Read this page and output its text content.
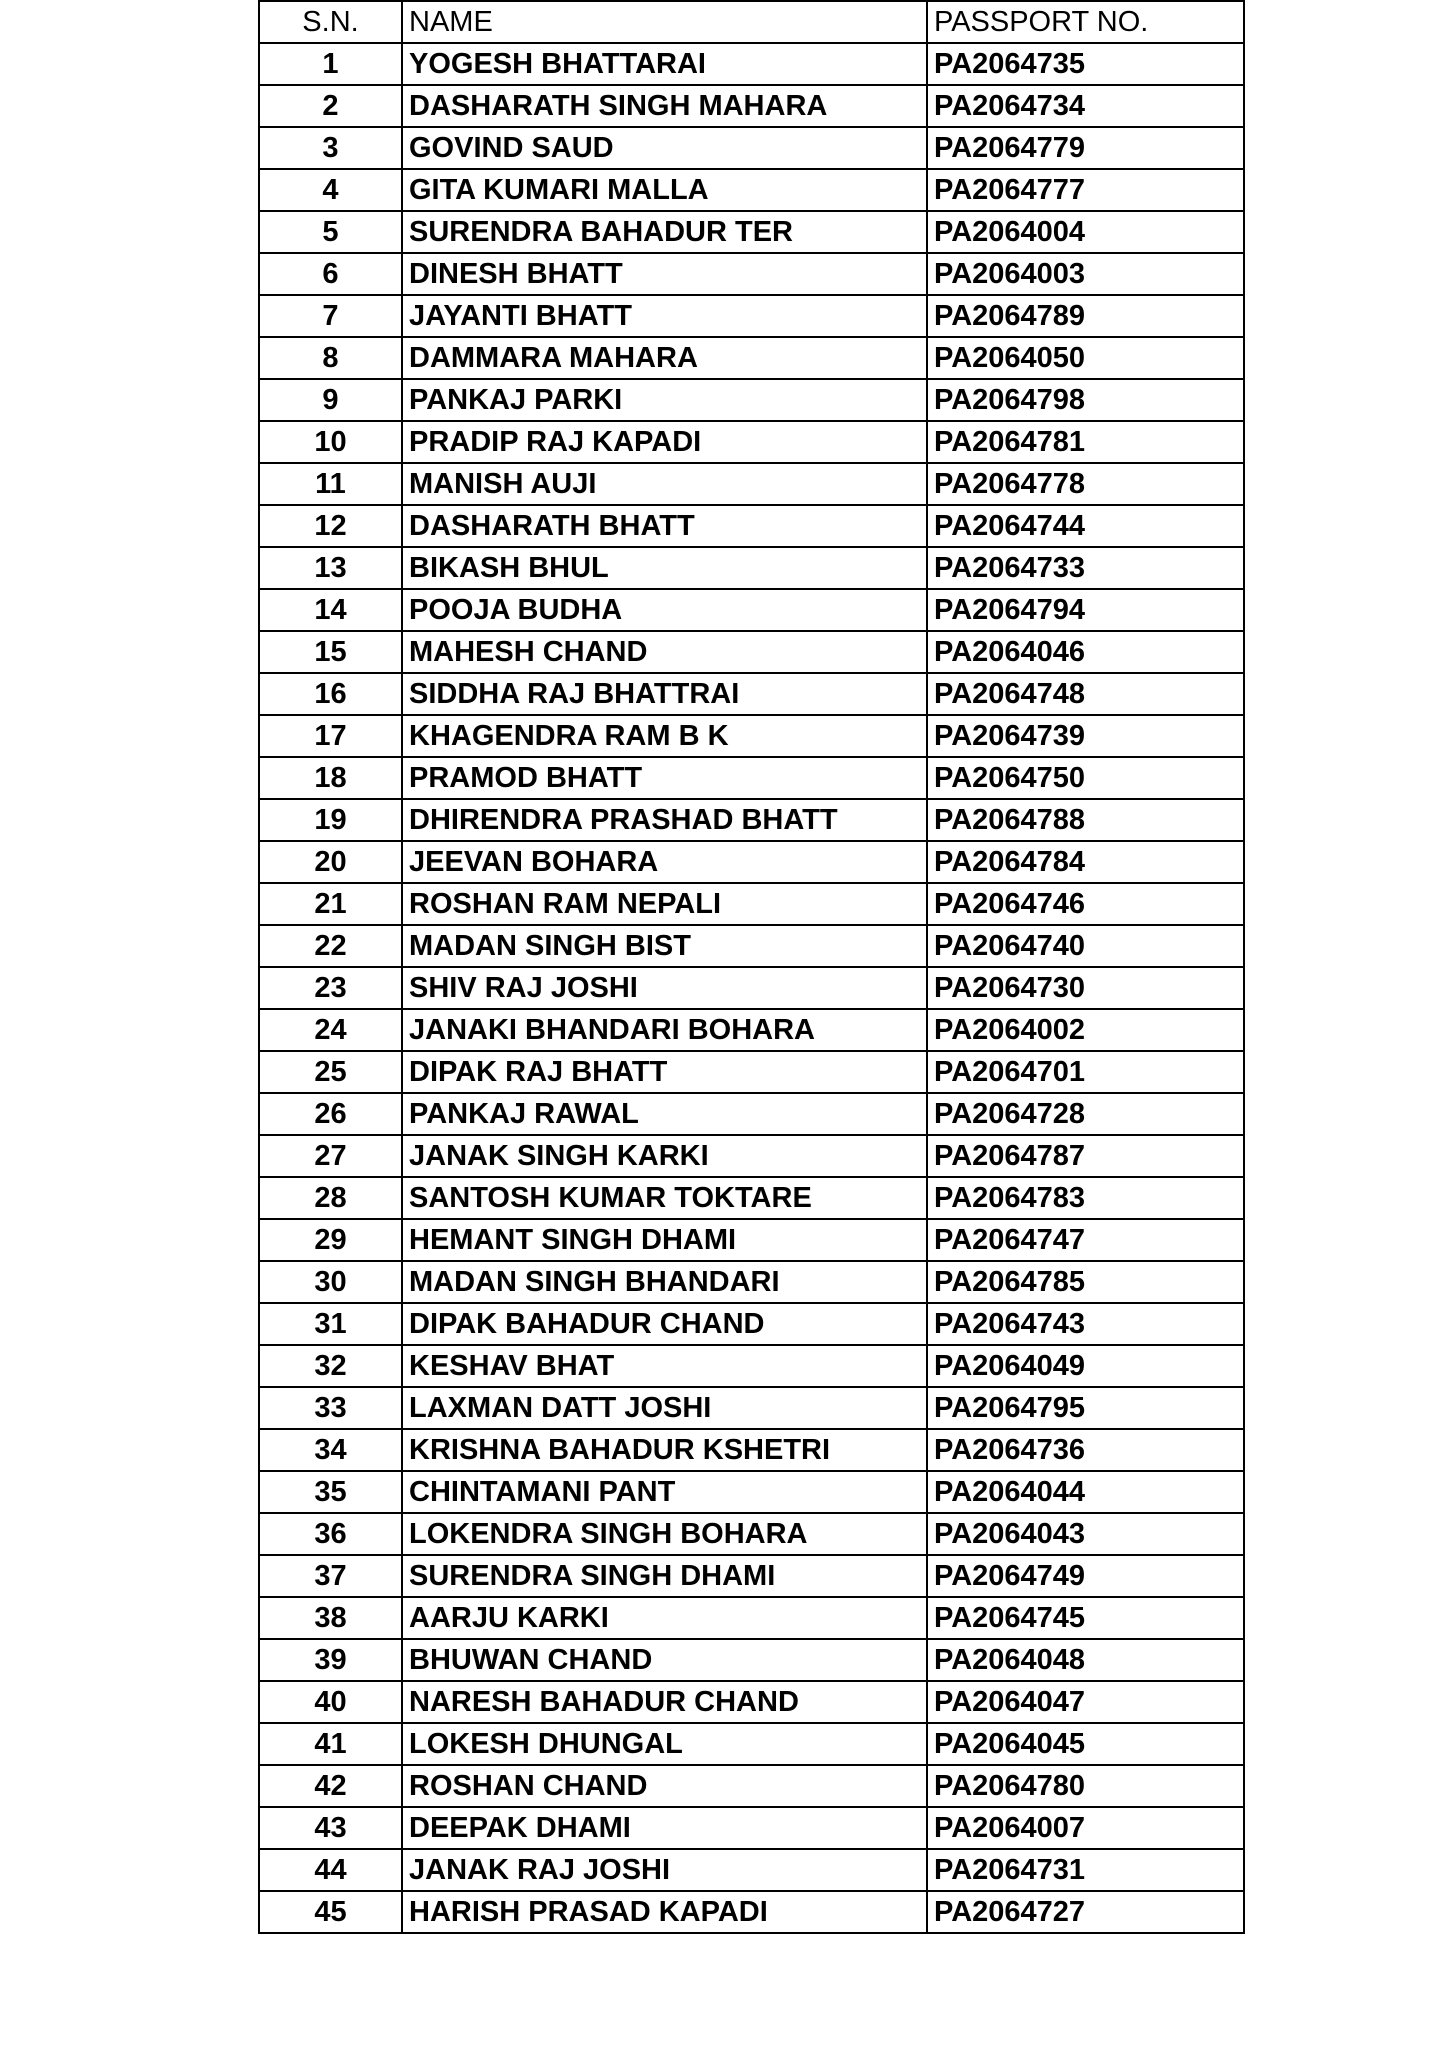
S.N.	NAME	PASSPORT NO.
1	YOGESH BHATTARAI	PA2064735
2	DASHARATH SINGH MAHARA	PA2064734
3	GOVIND SAUD	PA2064779
4	GITA KUMARI MALLA	PA2064777
5	SURENDRA BAHADUR TER	PA2064004
6	DINESH BHATT	PA2064003
7	JAYANTI BHATT	PA2064789
8	DAMMARA MAHARA	PA2064050
9	PANKAJ PARKI	PA2064798
10	PRADIP RAJ KAPADI	PA2064781
11	MANISH AUJI	PA2064778
12	DASHARATH BHATT	PA2064744
13	BIKASH BHUL	PA2064733
14	POOJA BUDHA	PA2064794
15	MAHESH CHAND	PA2064046
16	SIDDHA RAJ BHATTRAI	PA2064748
17	KHAGENDRA RAM B K	PA2064739
18	PRAMOD BHATT	PA2064750
19	DHIRENDRA PRASHAD BHATT	PA2064788
20	JEEVAN BOHARA	PA2064784
21	ROSHAN RAM NEPALI	PA2064746
22	MADAN SINGH BIST	PA2064740
23	SHIV RAJ JOSHI	PA2064730
24	JANAKI BHANDARI BOHARA	PA2064002
25	DIPAK RAJ BHATT	PA2064701
26	PANKAJ RAWAL	PA2064728
27	JANAK SINGH KARKI	PA2064787
28	SANTOSH KUMAR TOKTARE	PA2064783
29	HEMANT SINGH DHAMI	PA2064747
30	MADAN SINGH BHANDARI	PA2064785
31	DIPAK BAHADUR CHAND	PA2064743
32	KESHAV BHAT	PA2064049
33	LAXMAN DATT JOSHI	PA2064795
34	KRISHNA BAHADUR KSHETRI	PA2064736
35	CHINTAMANI PANT	PA2064044
36	LOKENDRA SINGH BOHARA	PA2064043
37	SURENDRA SINGH DHAMI	PA2064749
38	AARJU KARKI	PA2064745
39	BHUWAN CHAND	PA2064048
40	NARESH BAHADUR CHAND	PA2064047
41	LOKESH DHUNGAL	PA2064045
42	ROSHAN CHAND	PA2064780
43	DEEPAK DHAMI	PA2064007
44	JANAK RAJ JOSHI	PA2064731
45	HARISH PRASAD KAPADI	PA2064727
